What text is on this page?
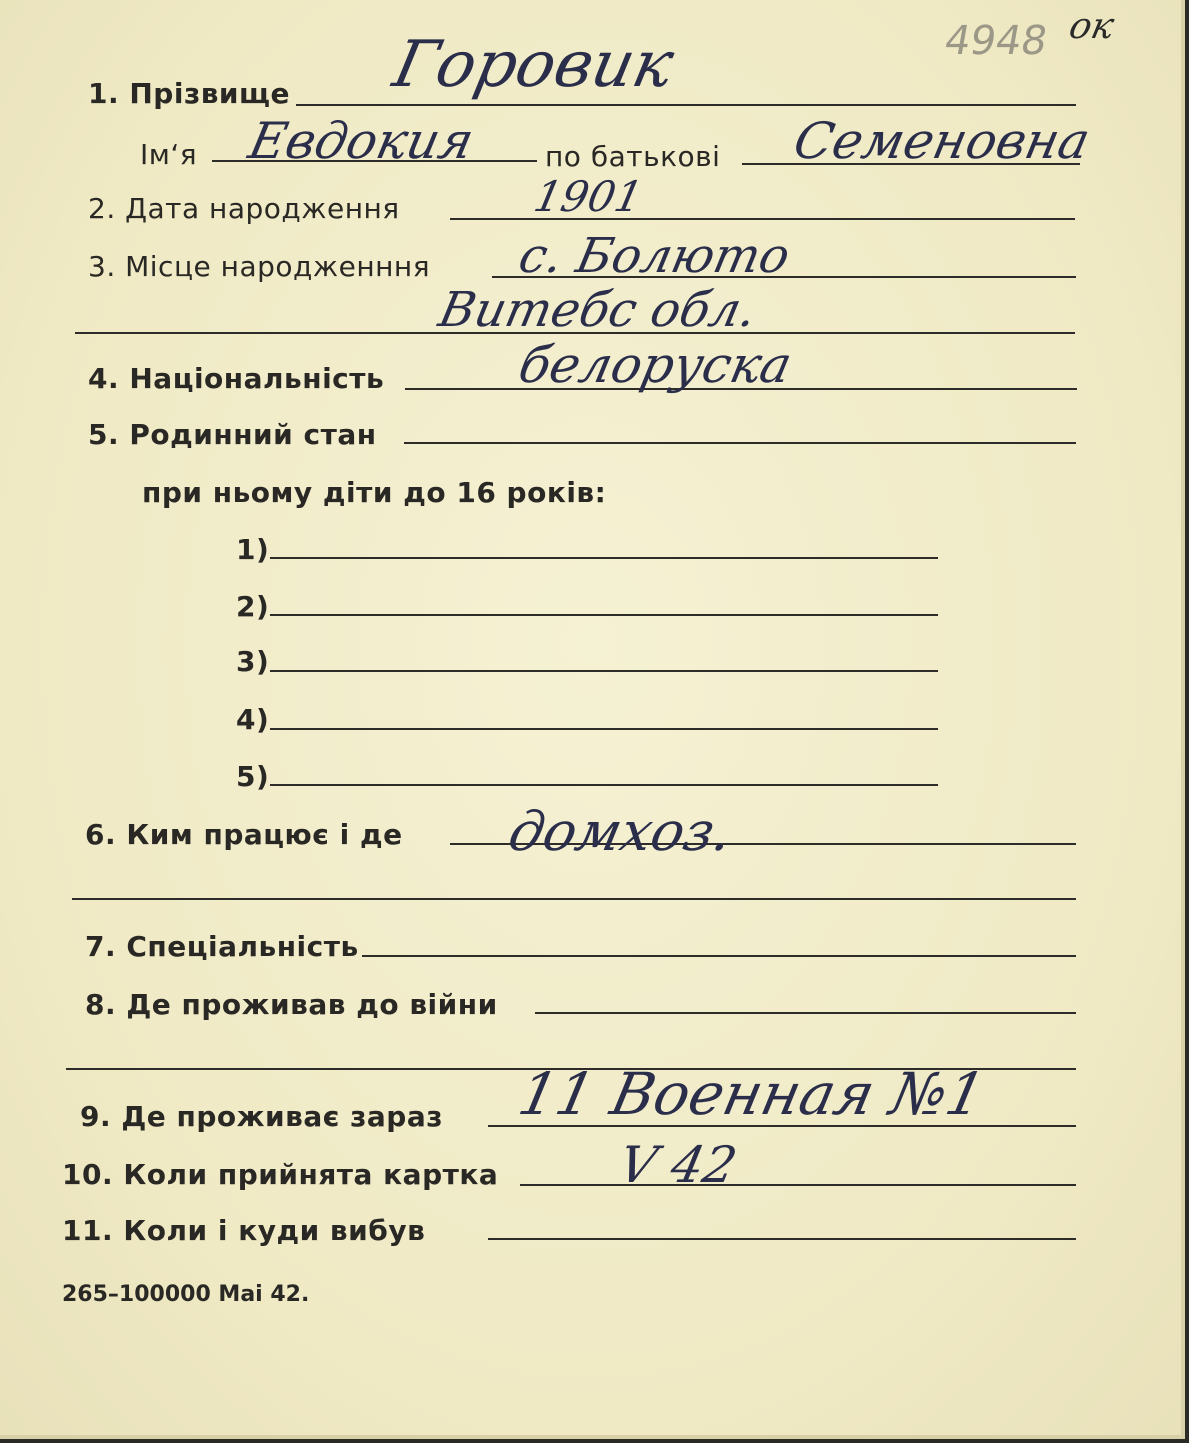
4948 ок
1. Прізвище Горовик
Ім‘я Евдокия по батькові Семеновна
2. Дата народження	1901
3. Місце народженння с. Болюто
Витебс обл.
4. Національність	белоруска
5. Родинний стан
при ньому діти до 16 років:
1)
2)
3)
4)
5)
6. Ким працює і де домхоз.
7. Спеціальність
8. Де проживав до війни
9. Де проживає зараз 11 Военная №1
10. Коли прийнята картка V 42
11. Коли і куди вибув
265–100000 Mai 42.
